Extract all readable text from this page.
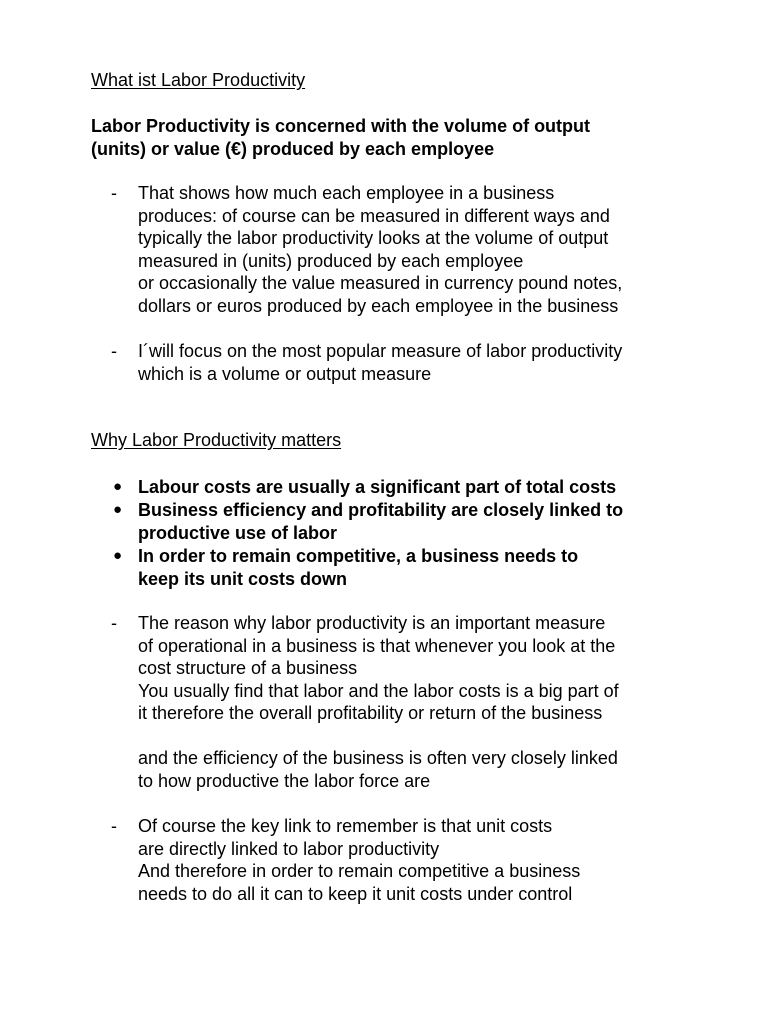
What ist Labor Productivity

Labor Productivity is concerned with the volume of output
(units) or value (€) produced by each employee

-	That shows how much each employee in a business
produces: of course can be measured in different ways and
typically the labor productivity looks at the volume of output
measured in (units) produced by each employee
or occasionally the value measured in currency pound notes,
dollars or euros produced by each employee in the business
-	I´will focus on the most popular measure of labor productivity
which is a volume or output measure
Why Labor Productivity matters
● Labour costs are usually a significant part of total costs
● Business efficiency and profitability are closely linked to
productive use of labor
● In order to remain competitive, a business needs to
keep its unit costs down
-	The reason why labor productivity is an important measure
of operational in a business is that whenever you look at the
cost structure of a business
You usually find that labor and the labor costs is a big part of
it therefore the overall profitability or return of the business

and the efficiency of the business is often very closely linked
to how productive the labor force are
-	Of course the key link to remember is that unit costs
are directly linked to labor productivity
And therefore in order to remain competitive a business
needs to do all it can to keep it unit costs under control
